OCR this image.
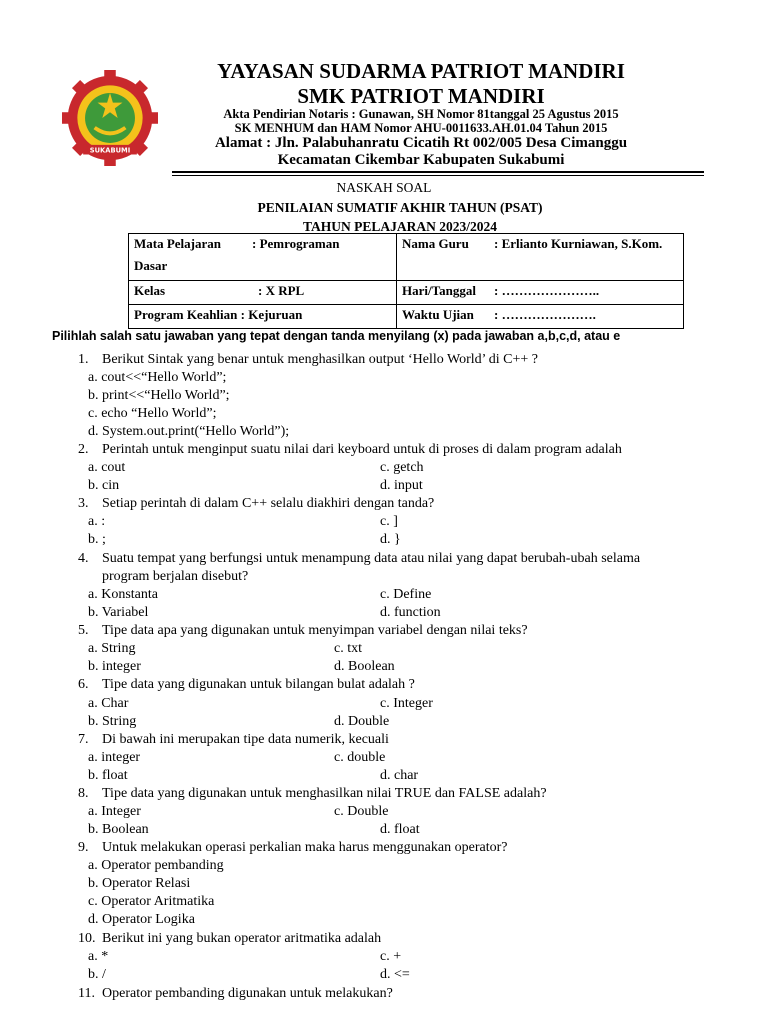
SUKABUMI
YAYASAN SUDARMA PATRIOT MANDIRI
SMK PATRIOT MANDIRI
Akta Pendirian Notaris : Gunawan, SH Nomor 81tanggal 25 Agustus 2015
SK MENHUM dan HAM Nomor AHU-0011633.AH.01.04 Tahun 2015
Alamat : Jln. Palabuhanratu Cicatih Rt 002/005 Desa Cimanggu
Kecamatan Cikembar Kabupaten Sukabumi
NASKAH SOAL
PENILAIAN SUMATIF AKHIR TAHUN (PSAT)
TAHUN PELAJARAN 2023/2024
Mata Pelajaran : Pemrograman
Dasar	Nama Guru : Erlianto Kurniawan, S.Kom.
Kelas : X RPL	Hari/Tanggal : …………………..
Program Keahlian : Kejuruan	Waktu Ujian : ………………….
Pilihlah salah satu jawaban yang tepat dengan tanda menyilang (x) pada jawaban a,b,c,d, atau e
1. Berikut Sintak yang benar untuk menghasilkan output ‘Hello World’ di C++ ?
a. cout<<“Hello World”;
b. print<<“Hello World”;
c. echo “Hello World”;
d. System.out.print(“Hello World”);
2. Perintah untuk menginput suatu nilai dari keyboard untuk di proses di dalam program adalah
a. cout	c. getch
b. cin	d. input
3. Setiap perintah di dalam C++ selalu diakhiri dengan tanda?
a. :	c. ]
b. ;	d. }
4. Suatu tempat yang berfungsi untuk menampung data atau nilai yang dapat berubah-ubah selama
program berjalan disebut?
a. Konstanta	c. Define
b. Variabel	d. function
5. Tipe data apa yang digunakan untuk menyimpan variabel dengan nilai teks?
a. String	c. txt
b. integer	d. Boolean
6. Tipe data yang digunakan untuk bilangan bulat adalah ?
a. Char	c. Integer
b. String	d. Double
7. Di bawah ini merupakan tipe data numerik, kecuali
a. integer	c. double
b. float	d. char
8. Tipe data yang digunakan untuk menghasilkan nilai TRUE dan FALSE adalah?
a. Integer	c. Double
b. Boolean	d. float
9. Untuk melakukan operasi perkalian maka harus menggunakan operator?
a. Operator pembanding
b. Operator Relasi
c. Operator Aritmatika
d. Operator Logika
10. Berikut ini yang bukan operator aritmatika adalah
a. *	c. +
b. /	d. <=
11. Operator pembanding digunakan untuk melakukan?
